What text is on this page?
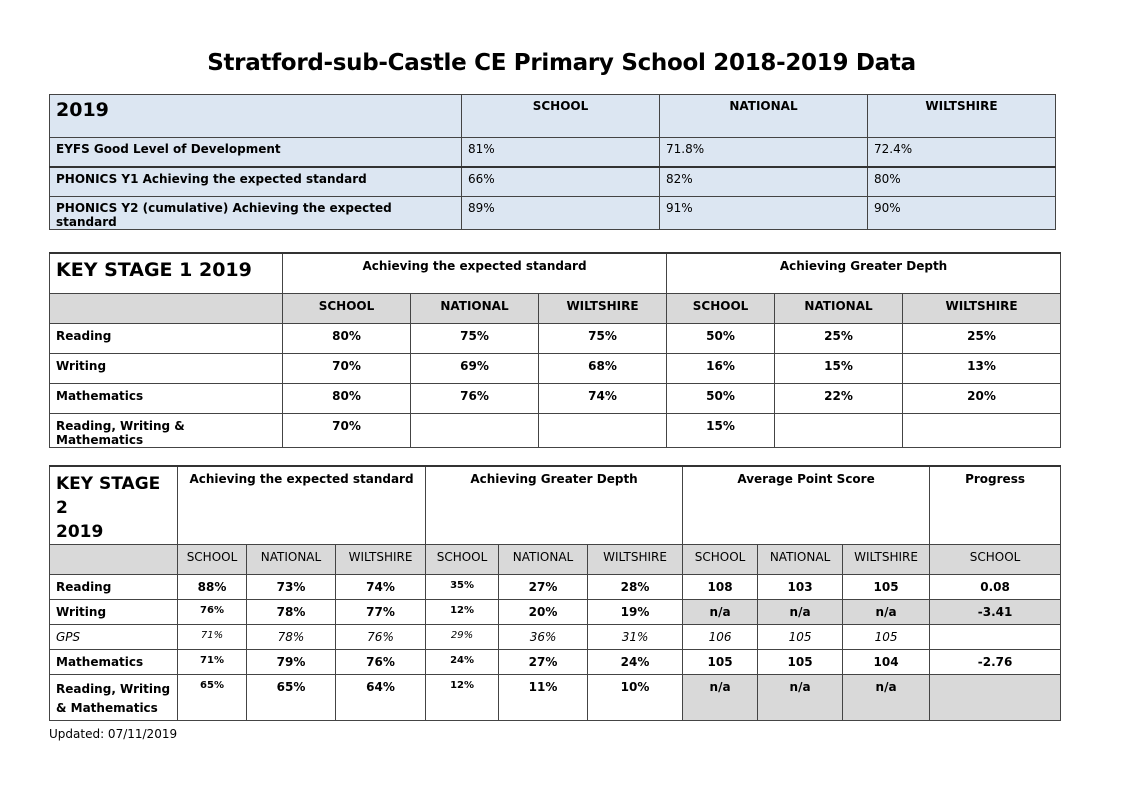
Stratford-sub-Castle CE Primary School 2018-2019 Data
2019	SCHOOL	NATIONAL	WILTSHIRE
EYFS Good Level of Development	81%	71.8%	72.4%
PHONICS Y1 Achieving the expected standard	66%	82%	80%
PHONICS Y2 (cumulative) Achieving the expected standard	89%	91%	90%
KEY STAGE 1 2019	Achieving the expected standard			Achieving Greater Depth		
	SCHOOL	NATIONAL	WILTSHIRE	SCHOOL	NATIONAL	WILTSHIRE
Reading	80%	75%	75%	50%	25%	25%
Writing	70%	69%	68%	16%	15%	13%
Mathematics	80%	76%	74%	50%	22%	20%
Reading, Writing & Mathematics	70%			15%		
KEY STAGE 2
2019	Achieving the expected standard			Achieving Greater Depth			Average Point Score			Progress
	SCHOOL	NATIONAL	WILTSHIRE	SCHOOL	NATIONAL	WILTSHIRE	SCHOOL	NATIONAL	WILTSHIRE	SCHOOL
Reading	88%	73%	74%	35%	27%	28%	108	103	105	0.08
Writing	76%	78%	77%	12%	20%	19%	n/a	n/a	n/a	-3.41
GPS	71%	78%	76%	29%	36%	31%	106	105	105	
Mathematics	71%	79%	76%	24%	27%	24%	105	105	104	-2.76

Reading, Writing
& Mathematics	65%	65%	64%	12%	11%	10%	n/a	n/a	n/a	
Updated: 07/11/2019
